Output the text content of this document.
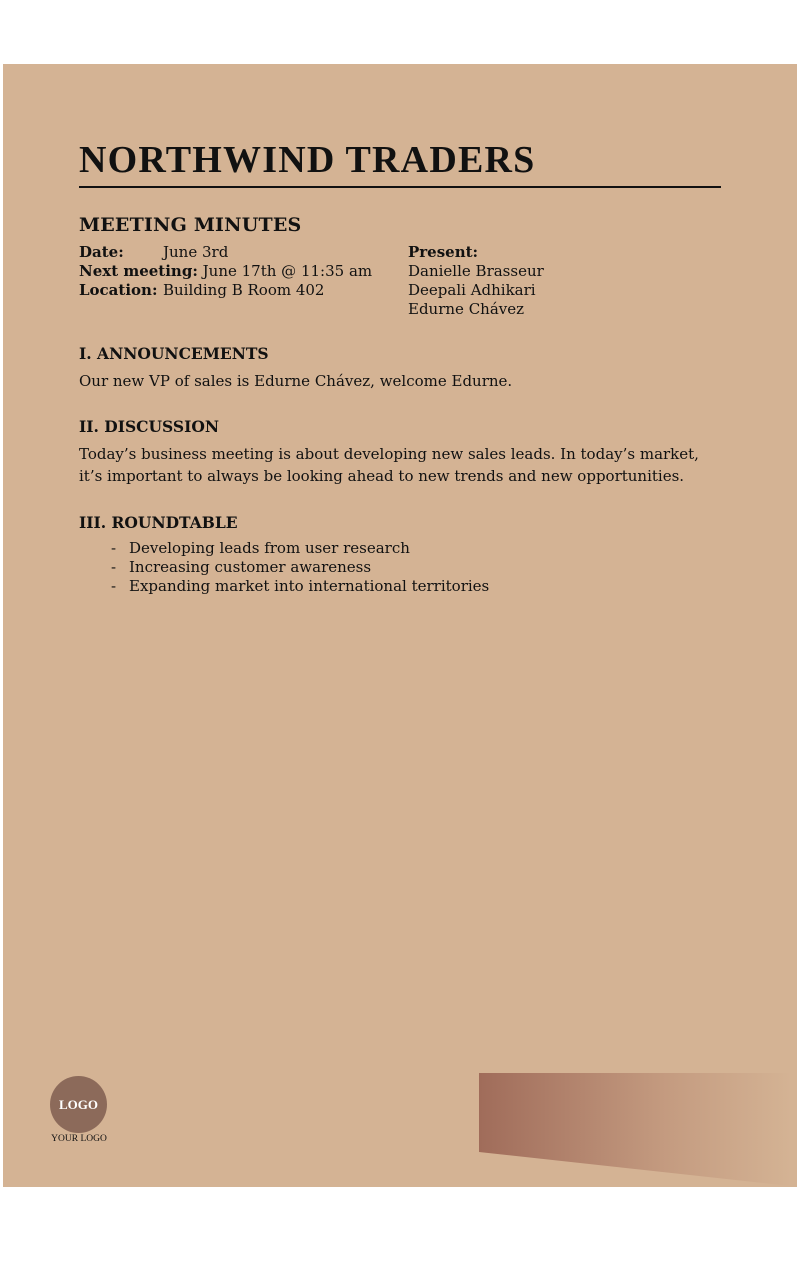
NORTHWIND TRADERS
MEETING MINUTES
Date:	June 3rd
Next meeting: June 17th @ 11:35 am
Location: Building B Room 402
Present:
Danielle Brasseur
Deepali Adhikari
Edurne Chávez
I. ANNOUNCEMENTS

Our new VP of sales is Edurne Chávez, welcome Edurne.

II. DISCUSSION

Today’s business meeting is about developing new sales leads. In today’s market, it’s important to always be looking ahead to new trends and new opportunities.

III. ROUNDTABLE
- Developing leads from user research
- Increasing customer awareness
- Expanding market into international territories
LOGO
YOUR LOGO
